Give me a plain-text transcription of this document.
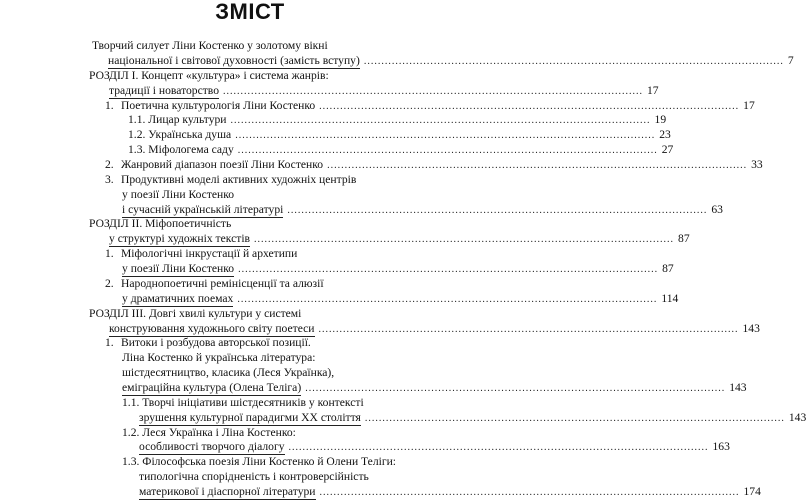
ЗМІСТ
Творчий силует Ліни Костенко у золотому вікні
національної і світової духовності (замість вступу) ........................................................................................................................ 7
РОЗДІЛ І. Концепт «культура» і система жанрів:
традиції і новаторство ........................................................................................................................ 17
1. Поетична культурологія Ліни Костенко ........................................................................................................................ 17
1.1. Лицар культури ........................................................................................................................ 19
1.2. Українська душа ........................................................................................................................ 23
1.3. Міфологема саду ........................................................................................................................ 27
2. Жанровий діапазон поезії Ліни Костенко ........................................................................................................................ 33
3. Продуктивні моделі активних художніх центрів
у поезії Ліни Костенко
і сучасній українській літературі ........................................................................................................................ 63
РОЗДІЛ ІІ. Міфопоетичність
у структурі художніх текстів ........................................................................................................................ 87
1. Міфологічні інкрустації й архетипи
у поезії Ліни Костенко ........................................................................................................................ 87
2. Народнопоетичні ремінісценції та алюзії
у драматичних поемах ........................................................................................................................ 114
РОЗДІЛ ІІІ. Довгі хвилі культури у системі
конструювання художнього світу поетеси ........................................................................................................................ 143
1. Витоки і розбудова авторської позиції.
Ліна Костенко й українська література:
шістдесятництво, класика (Леся Українка),
еміграційна культура (Олена Теліга) ........................................................................................................................ 143
1.1. Творчі ініціативи шістдесятників у контексті
зрушення культурної парадигми ХХ століття ........................................................................................................................ 143
1.2. Леся Українка і Ліна Костенко:
особливості творчого діалогу ........................................................................................................................ 163
1.3. Філософська поезія Ліни Костенко й Олени Теліги:
типологічна спорідненість і контроверсійність
материкової і діаспорної літератури ........................................................................................................................ 174
